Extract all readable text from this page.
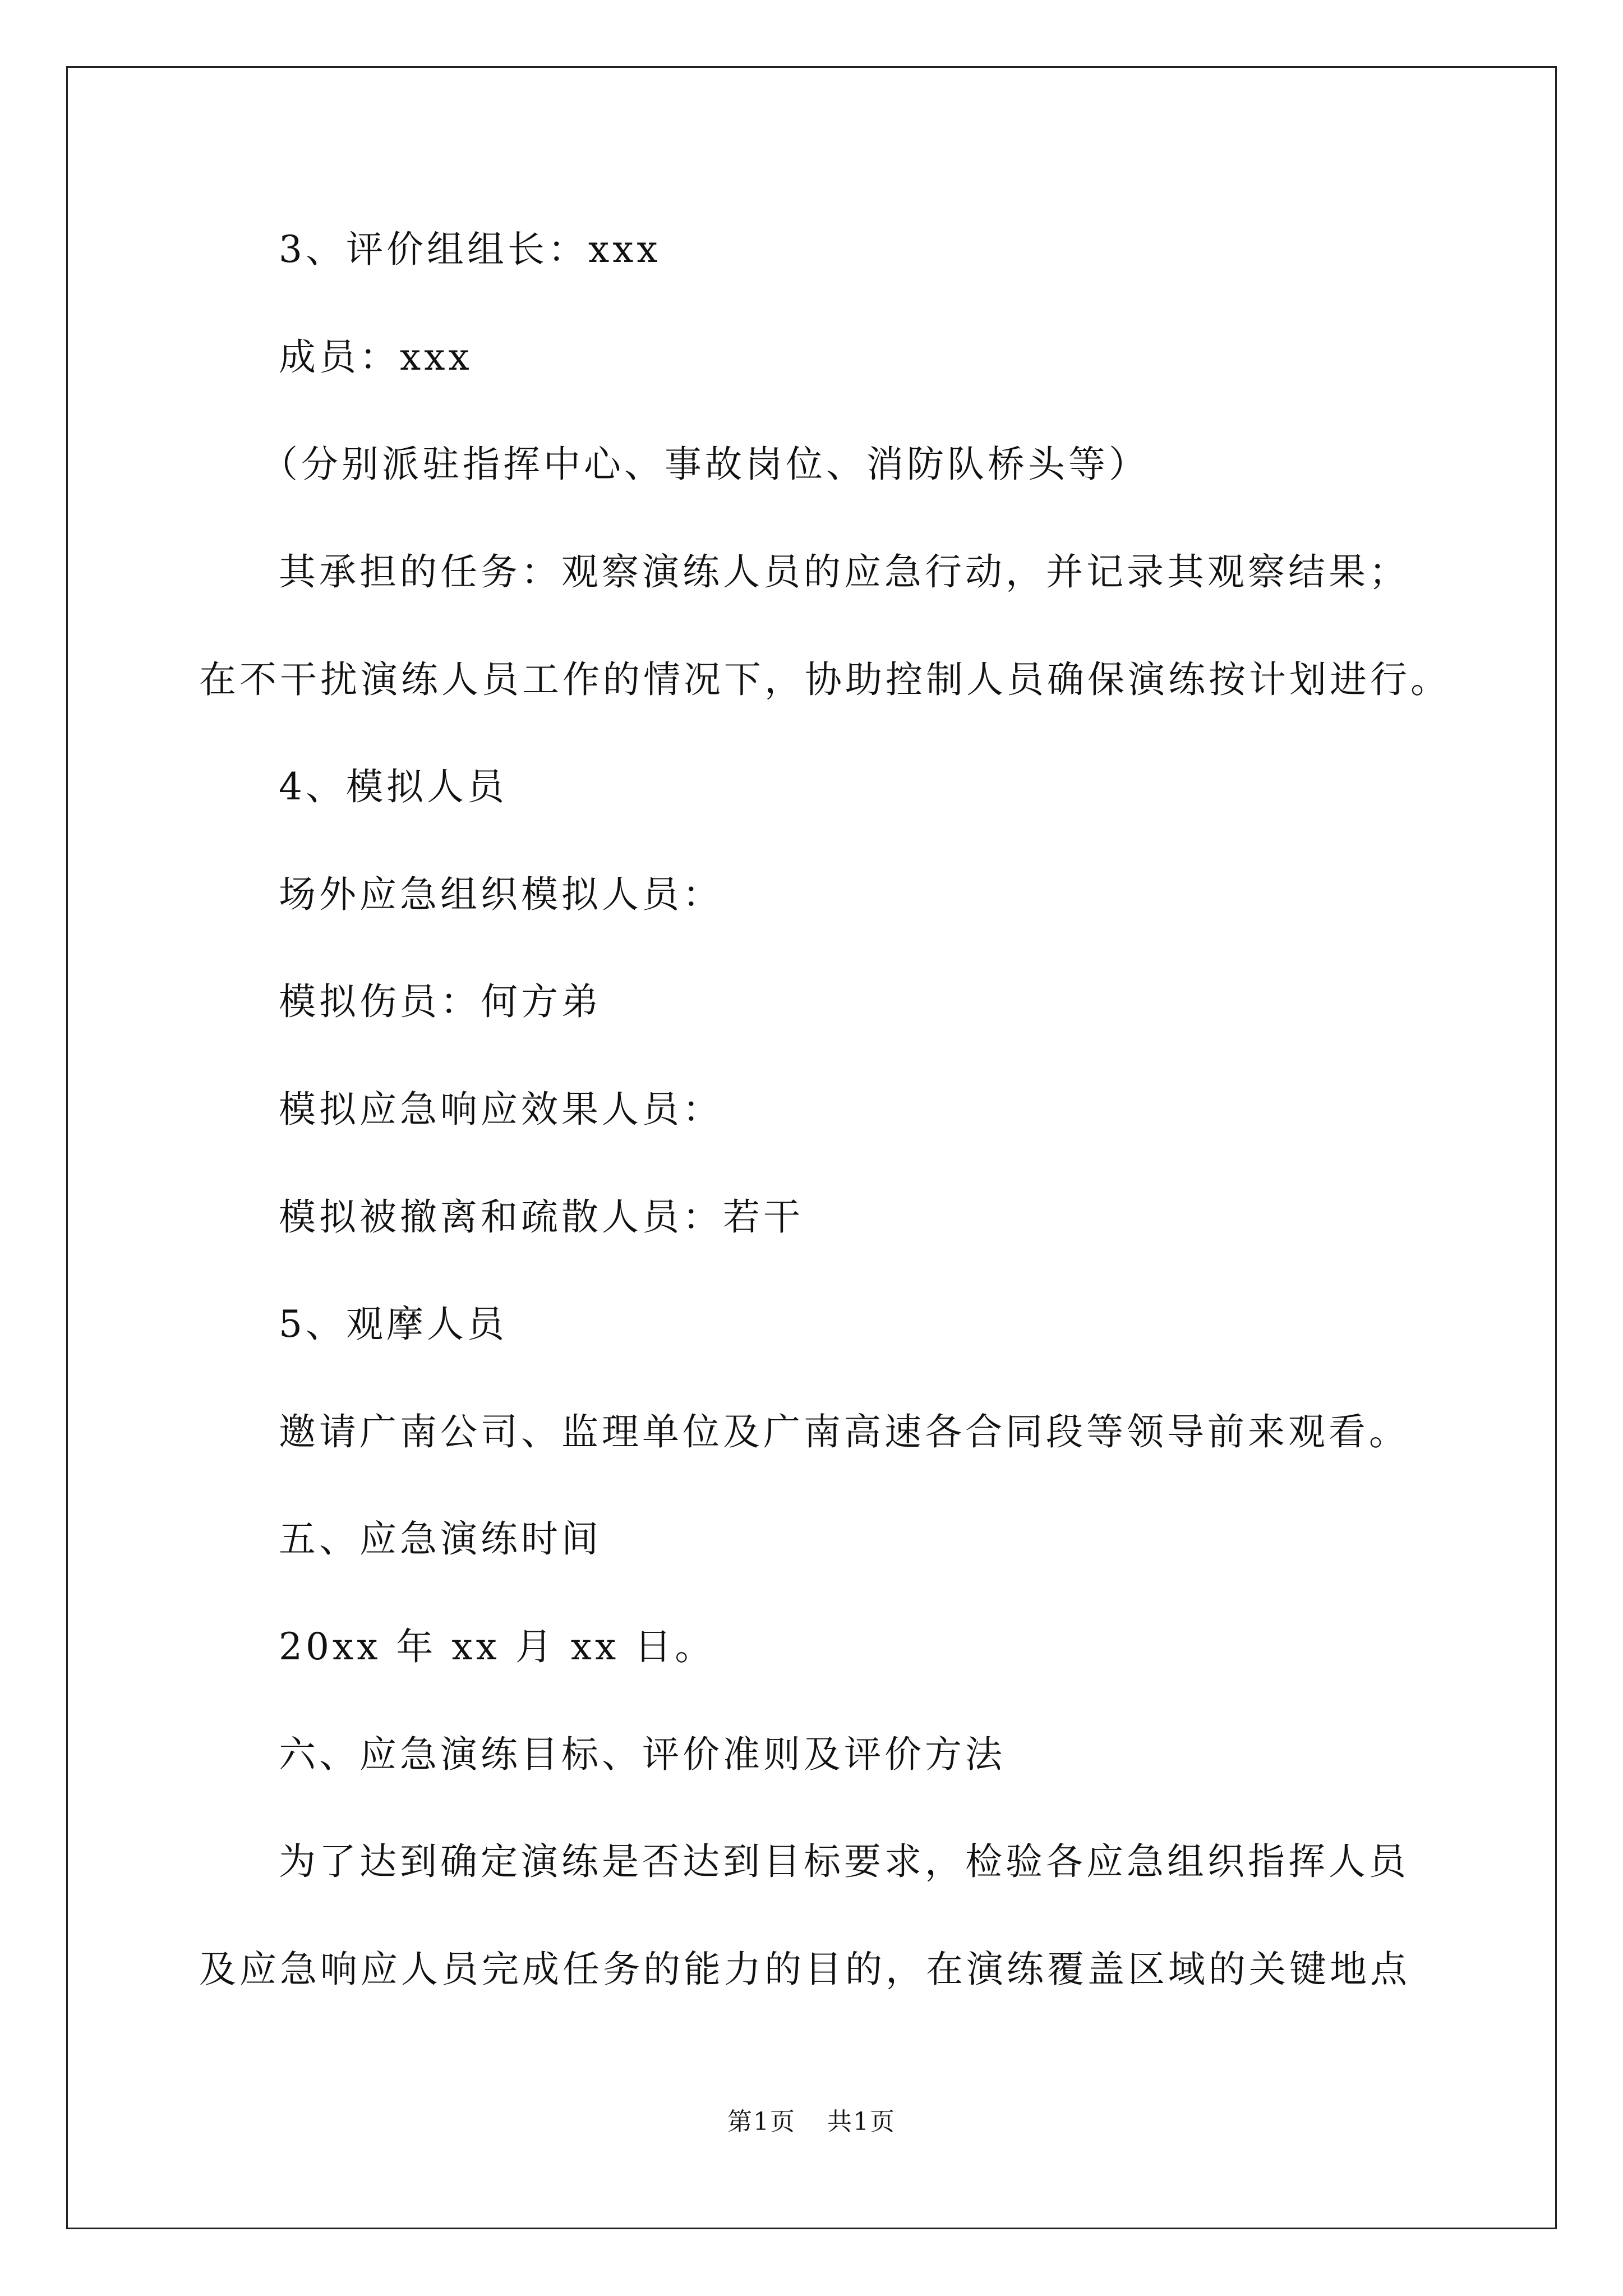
3、评价组组长：xxx

成员：xxx

（分别派驻指挥中心、事故岗位、消防队桥头等）

其承担的任务：观察演练人员的应急行动，并记录其观察结果；

在不干扰演练人员工作的情况下，协助控制人员确保演练按计划进行。

4、模拟人员

场外应急组织模拟人员：

模拟伤员：何方弟

模拟应急响应效果人员：

模拟被撤离和疏散人员：若干

5、观摩人员

邀请广南公司、监理单位及广南高速各合同段等领导前来观看。

五、应急演练时间

20xx 年 xx 月 xx 日。

六、应急演练目标、评价准则及评价方法

为了达到确定演练是否达到目标要求，检验各应急组织指挥人员

及应急响应人员完成任务的能力的目的，在演练覆盖区域的关键地点

第1页 共1页
